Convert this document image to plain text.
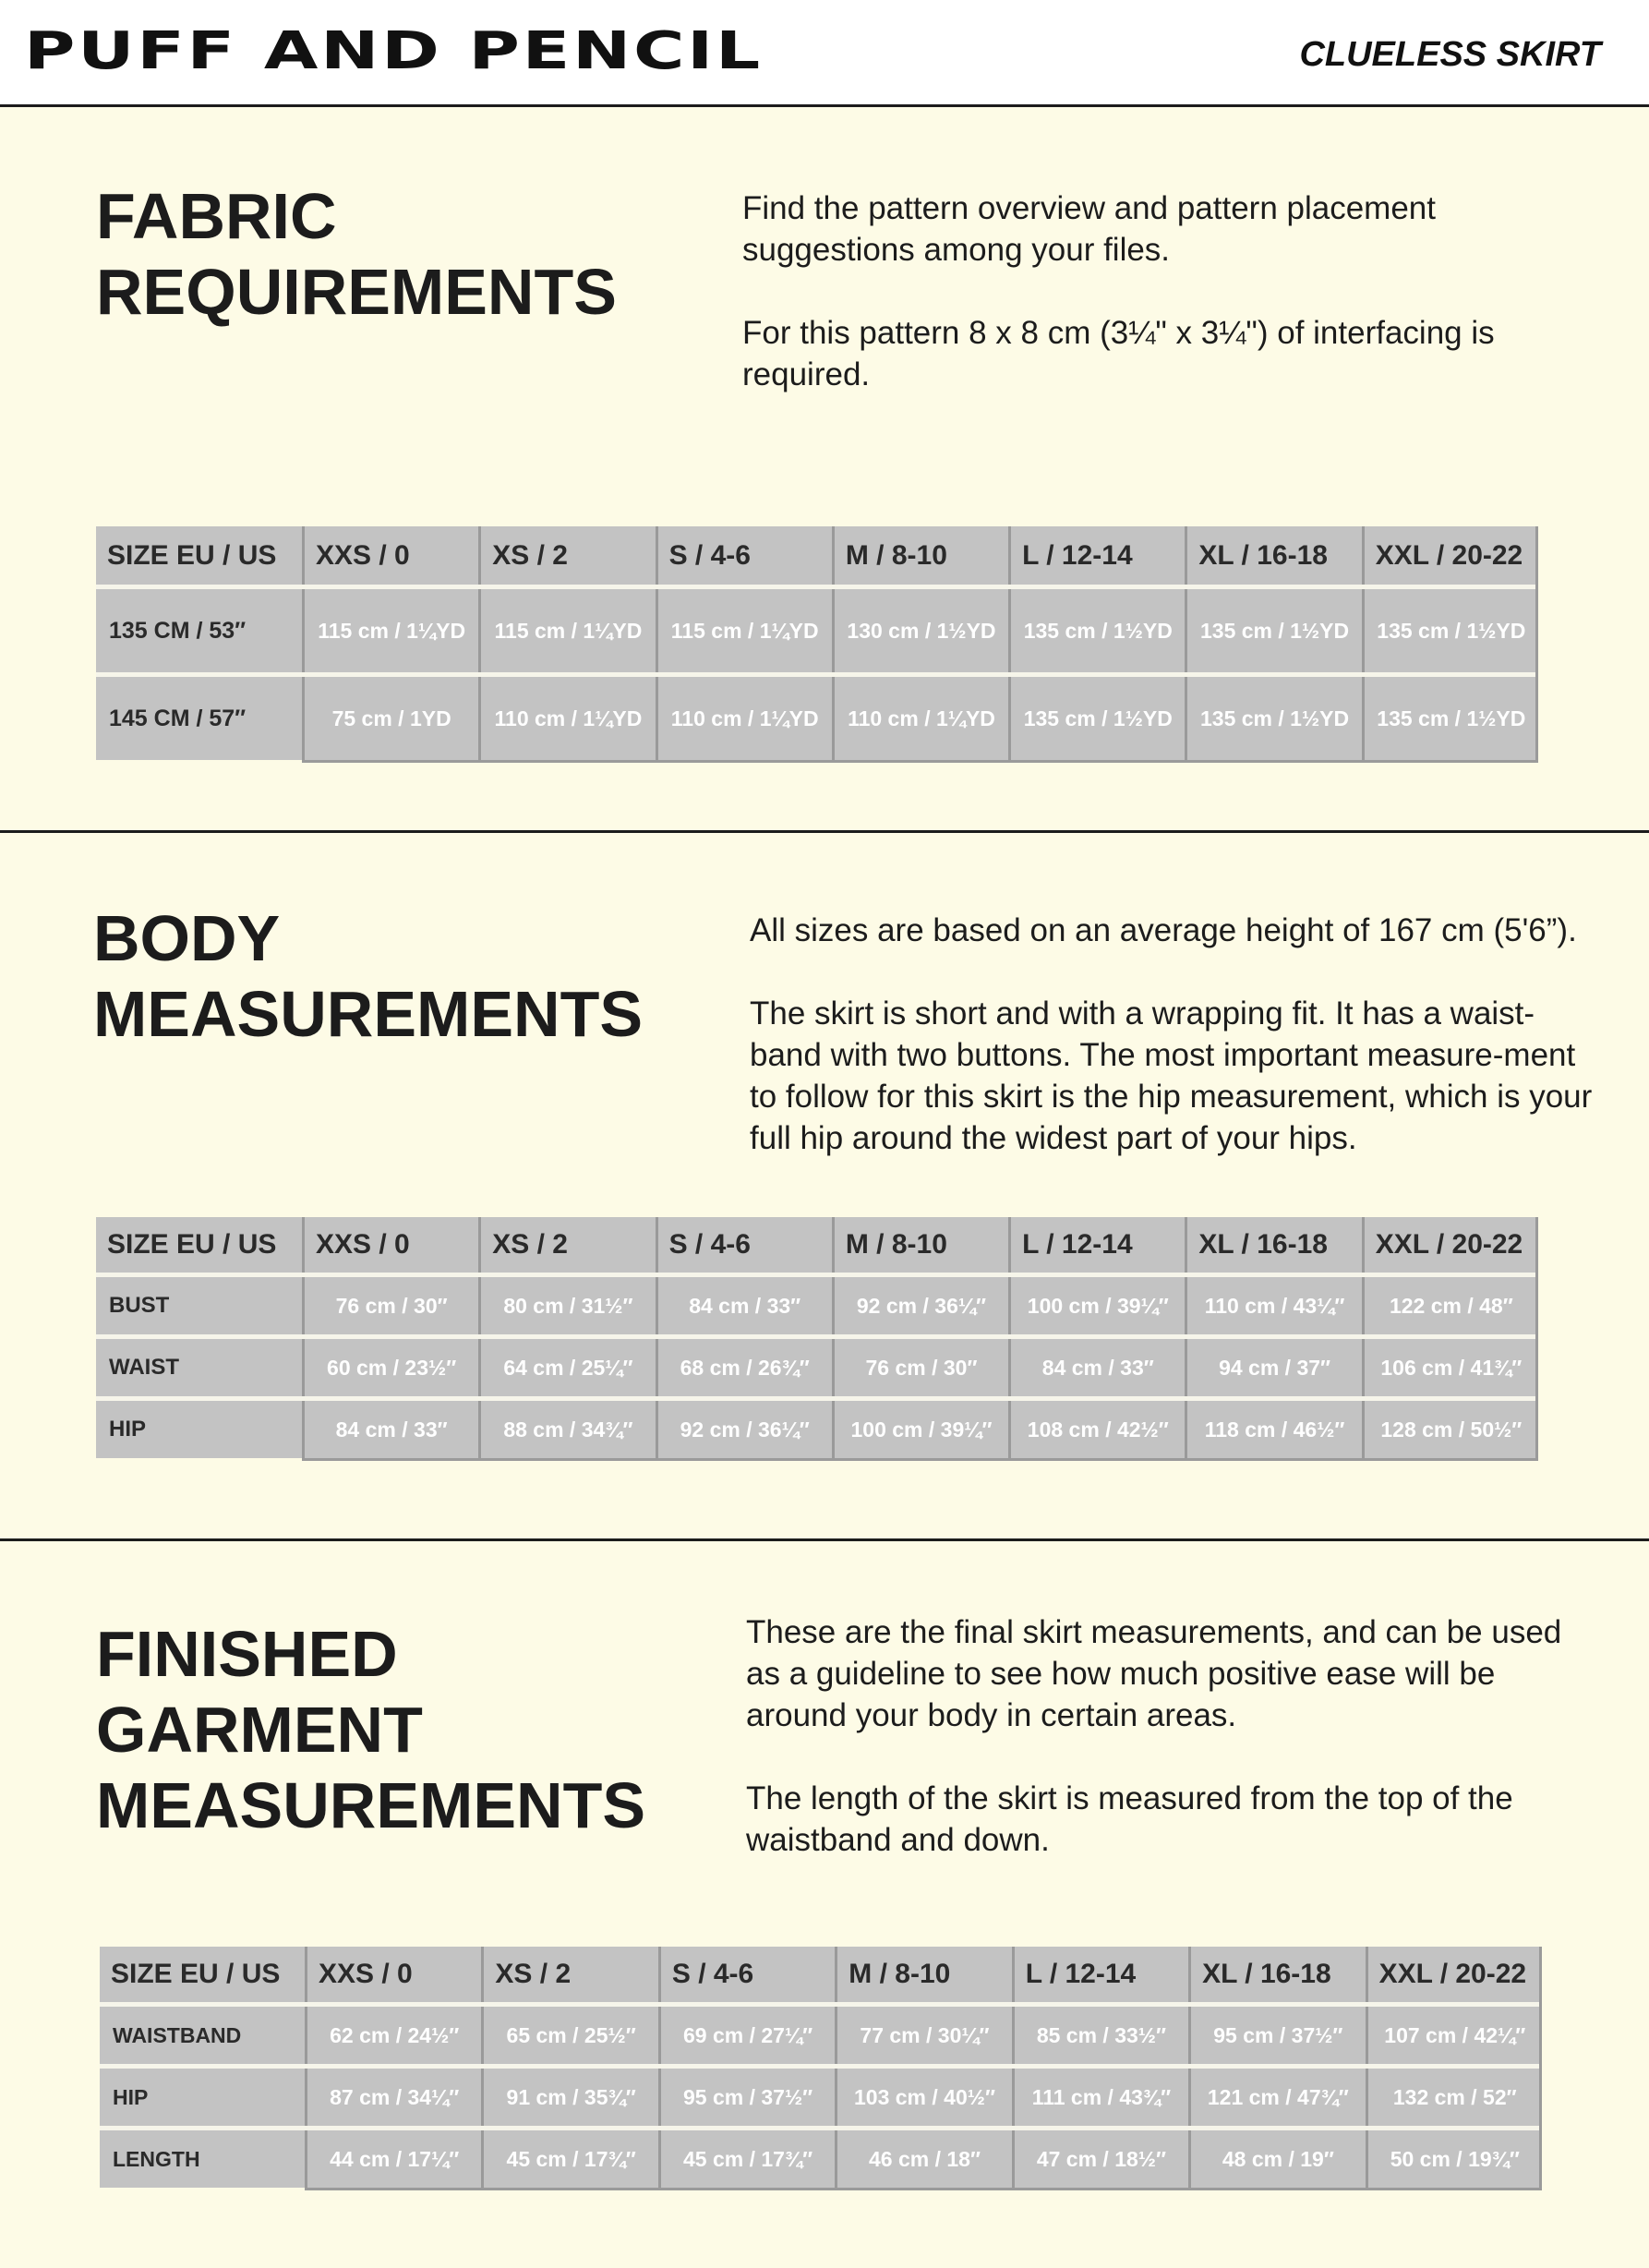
PUFF AND PENCIL	CLUELESS SKIRT
FABRIC
REQUIREMENTS

Find the pattern overview and pattern placement suggestions among your files.

For this pattern 8 x 8 cm (3¼" x 3¼") of interfacing is required.

SIZE EU / US	XXS / 0	XS / 2	S / 4-6	M / 8-10	L / 12-14	XL / 16-18	XXL / 20-22
135 CM / 53″	115 cm / 1¼YD	115 cm / 1¼YD	115 cm / 1¼YD	130 cm / 1½YD	135 cm / 1½YD	135 cm / 1½YD	135 cm / 1½YD
145 CM / 57″	75 cm / 1YD	110 cm / 1¼YD	110 cm / 1¼YD	110 cm / 1¼YD	135 cm / 1½YD	135 cm / 1½YD	135 cm / 1½YD
BODY
MEASUREMENTS

All sizes are based on an average height of 167 cm (5'6”).

The skirt is short and with a wrapping fit. It has a waist-band with two buttons. The most important measure-ment to follow for this skirt is the hip measurement, which is your full hip around the widest part of your hips.

SIZE EU / US	XXS / 0	XS / 2	S / 4-6	M / 8-10	L / 12-14	XL / 16-18	XXL / 20-22
BUST	76 cm / 30″	80 cm / 31½″	84 cm / 33″	92 cm / 36¼″	100 cm / 39¼″	110 cm / 43¼″	122 cm / 48″
WAIST	60 cm / 23½″	64 cm / 25¼″	68 cm / 26¾″	76 cm / 30″	84 cm / 33″	94 cm / 37″	106 cm / 41¾″
HIP	84 cm / 33″	88 cm / 34¾″	92 cm / 36¼″	100 cm / 39¼″	108 cm / 42½″	118 cm / 46½″	128 cm / 50½″
FINISHED
GARMENT
MEASUREMENTS

These are the final skirt measurements, and can be used as a guideline to see how much positive ease will be around your body in certain areas.

The length of the skirt is measured from the top of the waistband and down.

SIZE EU / US	XXS / 0	XS / 2	S / 4-6	M / 8-10	L / 12-14	XL / 16-18	XXL / 20-22
WAISTBAND	62 cm / 24½″	65 cm / 25½″	69 cm / 27¼″	77 cm / 30¼″	85 cm / 33½″	95 cm / 37½″	107 cm / 42¼″
HIP	87 cm / 34¼″	91 cm / 35¾″	95 cm / 37½″	103 cm / 40½″	111 cm / 43¾″	121 cm / 47¾″	132 cm / 52″
LENGTH	44 cm / 17¼″	45 cm / 17¾″	45 cm / 17¾″	46 cm / 18″	47 cm / 18½″	48 cm / 19″	50 cm / 19¾″
